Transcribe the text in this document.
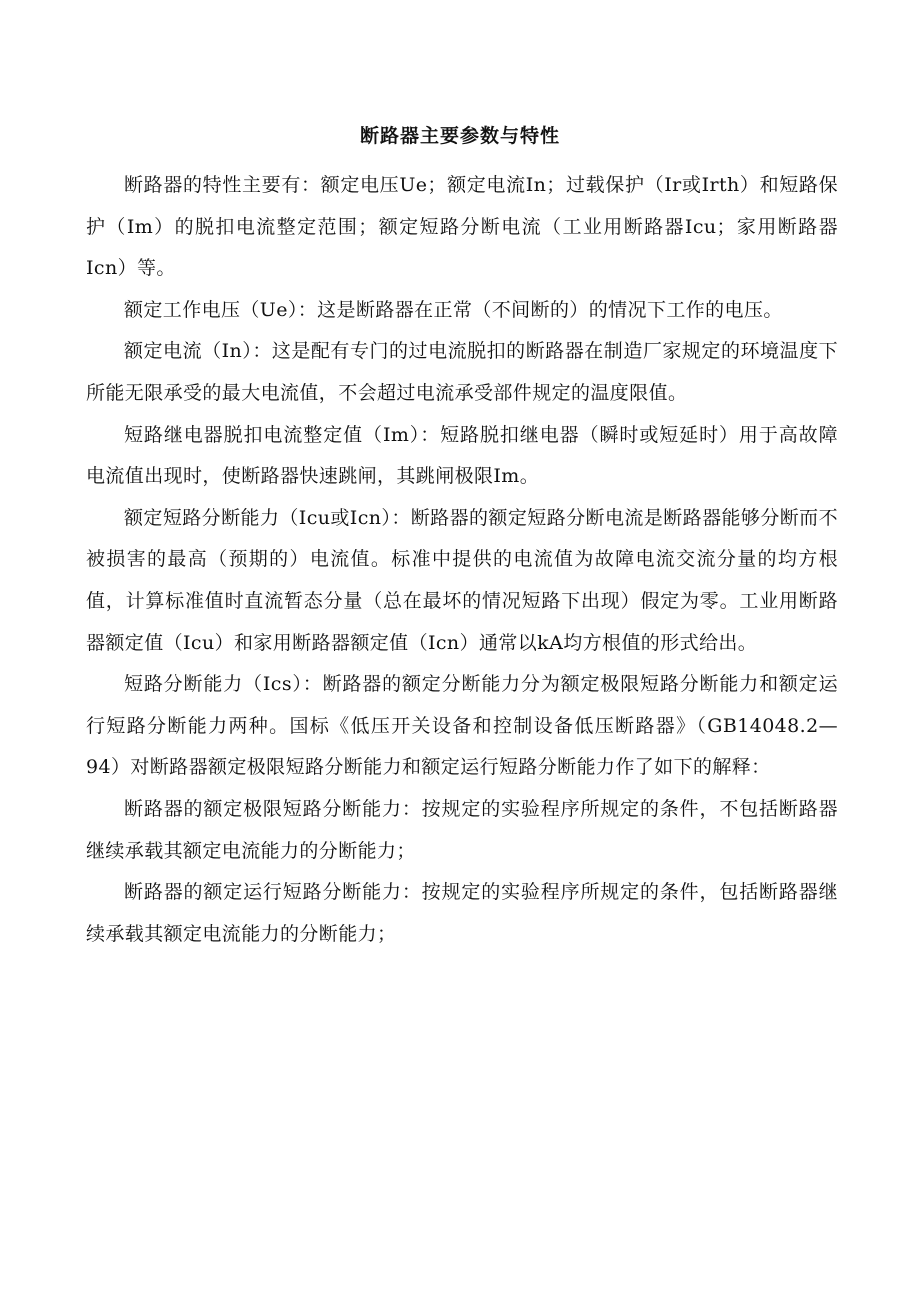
断路器主要参数与特性

断路器的特性主要有：额定电压Ue；额定电流In；过载保护（Ir或Irth）和短路保护（Im）的脱扣电流整定范围；额定短路分断电流（工业用断路器Icu；家用断路器Icn）等。

额定工作电压（Ue）：这是断路器在正常（不间断的）的情况下工作的电压。

额定电流（In）：这是配有专门的过电流脱扣的断路器在制造厂家规定的环境温度下所能无限承受的最大电流值，不会超过电流承受部件规定的温度限值。

短路继电器脱扣电流整定值（Im）：短路脱扣继电器（瞬时或短延时）用于高故障电流值出现时，使断路器快速跳闸，其跳闸极限Im。

额定短路分断能力（Icu或Icn）：断路器的额定短路分断电流是断路器能够分断而不被损害的最高（预期的）电流值。标准中提供的电流值为故障电流交流分量的均方根值，计算标准值时直流暂态分量（总在最坏的情况短路下出现）假定为零。工业用断路器额定值（Icu）和家用断路器额定值（Icn）通常以kA均方根值的形式给出。

短路分断能力（Ics）：断路器的额定分断能力分为额定极限短路分断能力和额定运行短路分断能力两种。国标《低压开关设备和控制设备低压断路器》（GB14048.2—94）对断路器额定极限短路分断能力和额定运行短路分断能力作了如下的解释：

断路器的额定极限短路分断能力：按规定的实验程序所规定的条件，不包括断路器继续承载其额定电流能力的分断能力；

断路器的额定运行短路分断能力：按规定的实验程序所规定的条件，包括断路器继续承载其额定电流能力的分断能力；
